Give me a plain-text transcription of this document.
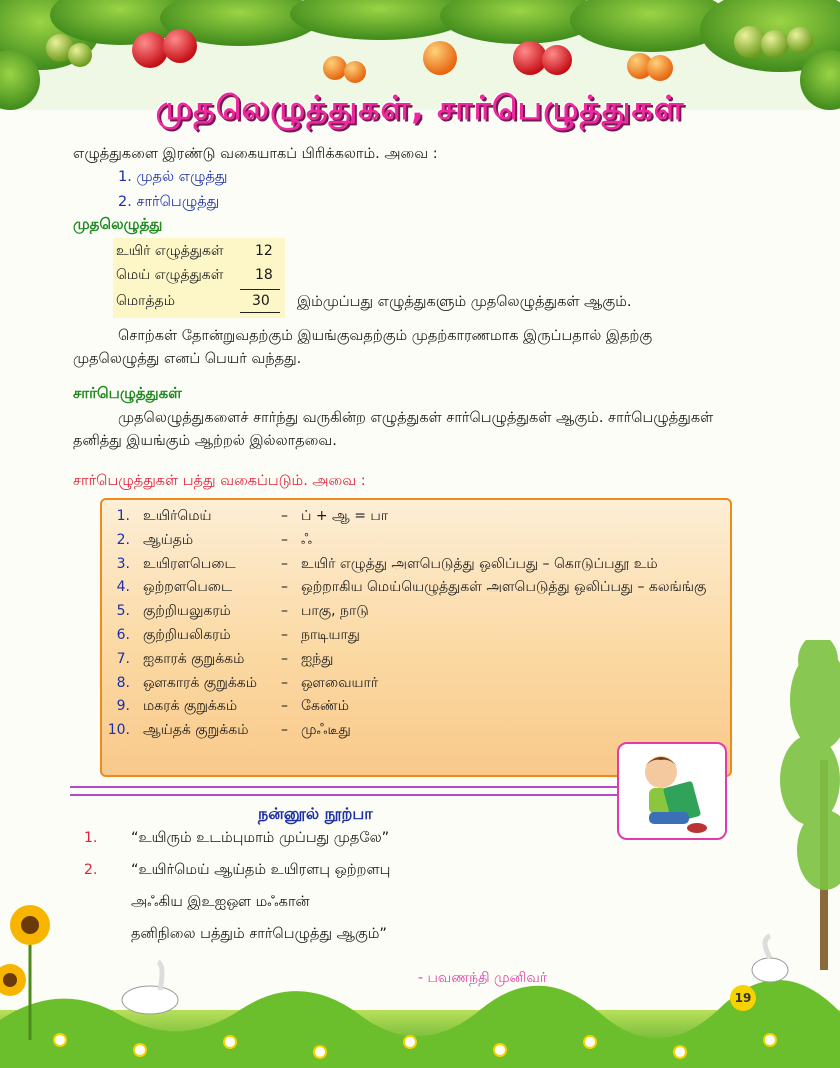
முதலெழுத்துகள், சார்பெழுத்துகள்
எழுத்துகளை இரண்டு வகையாகப் பிரிக்கலாம். அவை :
1. முதல் எழுத்து
2. சார்பெழுத்து
முதலெழுத்து
உயிர் எழுத்துகள் 12
மெய் எழுத்துகள் 18
மொத்தம்	30 இம்முப்பது எழுத்துகளும் முதலெழுத்துகள் ஆகும்.
சொற்கள் தோன்றுவதற்கும் இயங்குவதற்கும் முதற்காரணமாக இருப்பதால் இதற்கு
முதலெழுத்து எனப் பெயர் வந்தது.
சார்பெழுத்துகள்
முதலெழுத்துகளைச் சார்ந்து வருகின்ற எழுத்துகள் சார்பெழுத்துகள் ஆகும். சார்பெழுத்துகள்
தனித்து இயங்கும் ஆற்றல் இல்லாதவை.
சார்பெழுத்துகள் பத்து வகைப்படும். அவை :
1. உயிர்மெய்	– ப் + ஆ = பா
2. ஆய்தம்	– ஃ
3. உயிரளபெடை	– உயிர் எழுத்து அளபெடுத்து ஒலிப்பது – கொடுப்பதூ உம்
4. ஒற்றளபெடை	– ஒற்றாகிய மெய்யெழுத்துகள் அளபெடுத்து ஒலிப்பது – கலங்ங்கு
5. குற்றியலுகரம்	– பாகு, நாடு
6. குற்றியலிகரம்	– நாடியாது
7. ஐகாரக் குறுக்கம்	– ஐந்து
8. ஔகாரக் குறுக்கம் – ஔவையார்
9. மகரக் குறுக்கம்	– கேண்ம்
10. ஆய்தக் குறுக்கம் – முஃடீது
நன்னூல் நூற்பா
1. “உயிரும் உடம்புமாம் முப்பது முதலே”
2. “உயிர்மெய் ஆய்தம் உயிரளபு ஒற்றளபு
அஃகிய இஉஐஔ மஃகான்
தனிநிலை பத்தும் சார்பெழுத்து ஆகும்”
- பவணந்தி முனிவர்
19
